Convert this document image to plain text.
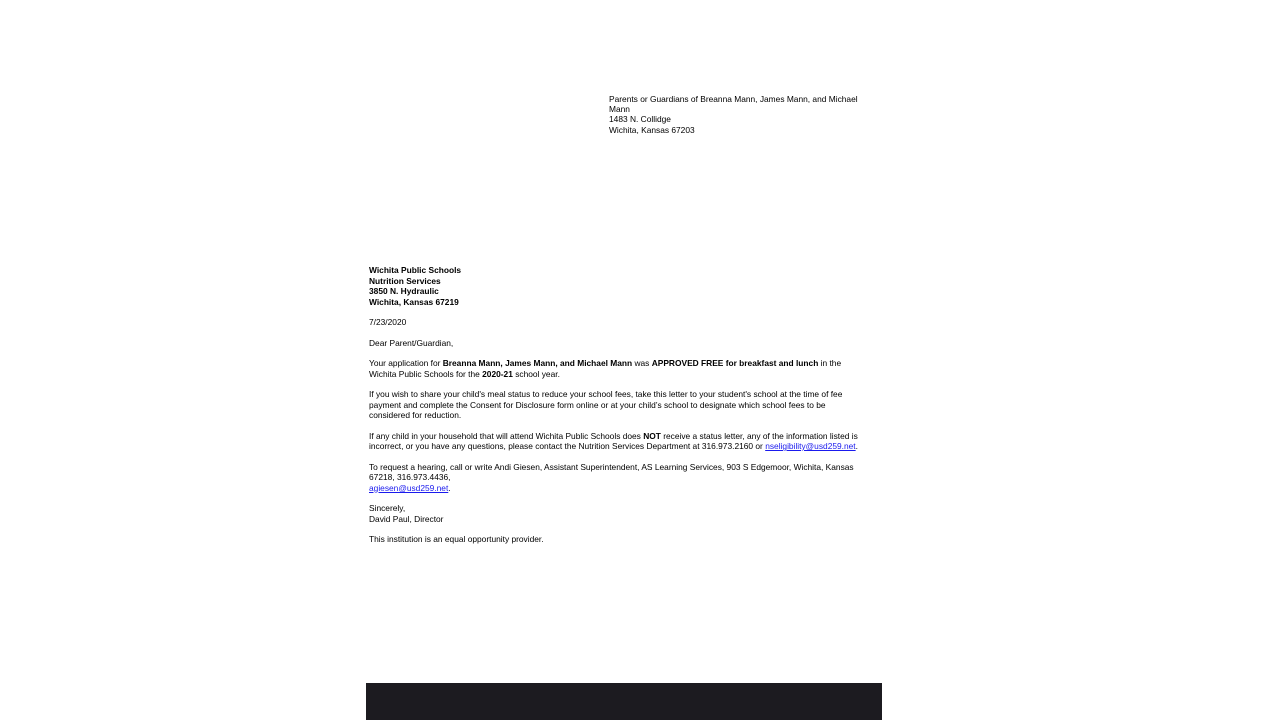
Parents or Guardians of Breanna Mann, James Mann, and Michael Mann
1483 N. Collidge
Wichita, Kansas 67203
Wichita Public Schools
Nutrition Services
3850 N. Hydraulic
Wichita, Kansas 67219

7/23/2020

Dear Parent/Guardian,

Your application for Breanna Mann, James Mann, and Michael Mann was APPROVED FREE for breakfast and lunch in the Wichita Public Schools for the 2020-21 school year.

If you wish to share your child's meal status to reduce your school fees, take this letter to your student's school at the time of fee payment and complete the Consent for Disclosure form online or at your child’s school to designate which school fees to be considered for reduction.

If any child in your household that will attend Wichita Public Schools does NOT receive a status letter, any of the information listed is incorrect, or you have any questions, please contact the Nutrition Services Department at 316.973.2160 or nseligibility@usd259.net.

To request a hearing, call or write Andi Giesen, Assistant Superintendent, AS Learning Services, 903 S Edgemoor, Wichita, Kansas 67218, 316.973.4436,
agiesen@usd259.net.

Sincerely,
David Paul, Director

This institution is an equal opportunity provider.
